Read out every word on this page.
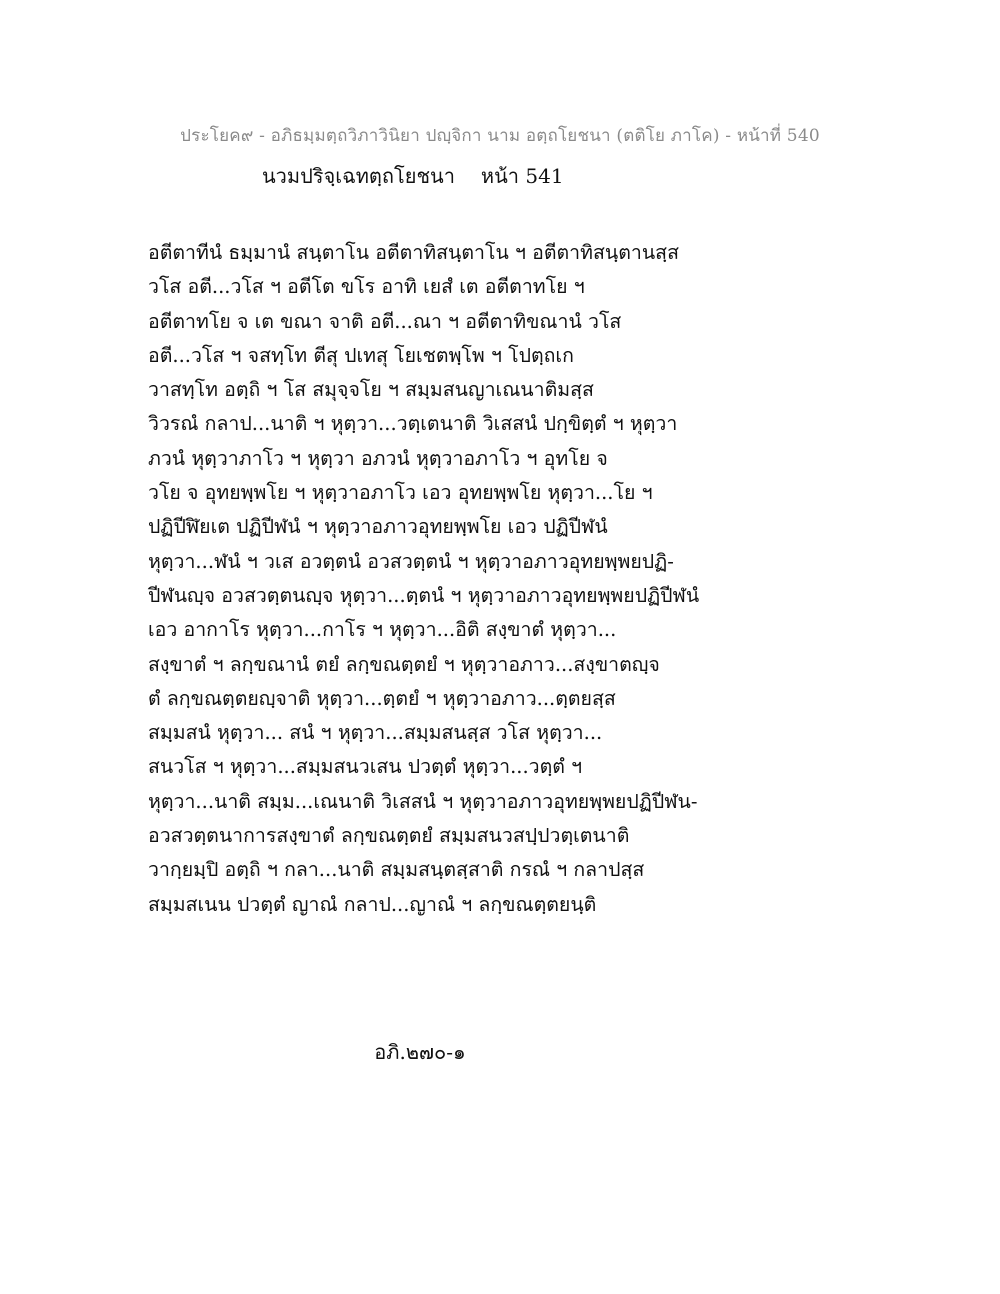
ประโยค๙ - อภิธมฺมตฺถวิภาวินิยา ปญฺจิกา นาม อตฺถโยชนา (ตติโย ภาโค) - หน้าที่ 540
นวมปริจฺเฉทตฺถโยชนา หน้า 541
อตีตาทีนํ ธมฺมานํ สนฺตาโน อตีตาทิสนฺตาโน ฯ อตีตาทิสนฺตานสฺส
วโส อตี...วโส ฯ อตีโต ขโร อาทิ เยสํ เต อตีตาทโย ฯ
อตีตาทโย จ เต ขณา จาติ อตี...ณา ฯ อตีตาทิขณานํ วโส
อตี...วโส ฯ จสทฺโท ตีสุ ปเทสุ โยเชตพฺโพ ฯ โปตฺถเก
วาสทฺโท อตฺถิ ฯ โส สมุจฺจโย ฯ สมฺมสนญาเณนาติมสฺส
วิวรณํ กลาป...นาติ ฯ หุตฺวา...วตฺเตนาติ วิเสสนํ ปกฺขิตฺตํ ฯ หุตฺวา
ภวนํ หุตฺวาภาโว ฯ หุตฺวา อภวนํ หุตฺวาอภาโว ฯ อุทโย จ
วโย จ อุทยพฺพโย ฯ หุตฺวาอภาโว เอว อุทยพฺพโย หุตฺวา...โย ฯ
ปฏิปีฬิยเต ปฏิปีฬนํ ฯ หุตฺวาอภาวอุทยพฺพโย เอว ปฏิปีฬนํ
หุตฺวา...ฬนํ ฯ วเส อวตฺตนํ อวสวตฺตนํ ฯ หุตฺวาอภาวอุทยพฺพยปฏิ-
ปีฬนญฺจ อวสวตฺตนญฺจ หุตฺวา...ตฺตนํ ฯ หุตฺวาอภาวอุทยพฺพยปฏิปีฬนํ
เอว อากาโร หุตฺวา...กาโร ฯ หุตฺวา...อิติ สงฺขาตํ หุตฺวา...
สงฺขาตํ ฯ ลกฺขณานํ ตยํ ลกฺขณตฺตยํ ฯ หุตฺวาอภาว...สงฺขาตญฺจ
ตํ ลกฺขณตฺตยญฺจาติ หุตฺวา...ตฺตยํ ฯ หุตฺวาอภาว...ตฺตยสฺส
สมฺมสนํ หุตฺวา... สนํ ฯ หุตฺวา...สมฺมสนสฺส วโส หุตฺวา...
สนวโส ฯ หุตฺวา...สมฺมสนวเสน ปวตฺตํ หุตฺวา...วตฺตํ ฯ
หุตฺวา...นาติ สมฺม...เณนาติ วิเสสนํ ฯ หุตฺวาอภาวอุทยพฺพยปฏิปีฬน-
อวสวตฺตนาการสงฺขาตํ ลกฺขณตฺตยํ สมฺมสนวสปฺปวตฺเตนาติ
วากฺยมฺปิ อตฺถิ ฯ กลา...นาติ สมฺมสนฺตสฺสาติ กรณํ ฯ กลาปสฺส
สมฺมสเนน ปวตฺตํ ญาณํ กลาป...ญาณํ ฯ ลกฺขณตฺตยนฺติ
อภิ.๒๗๐-๑
